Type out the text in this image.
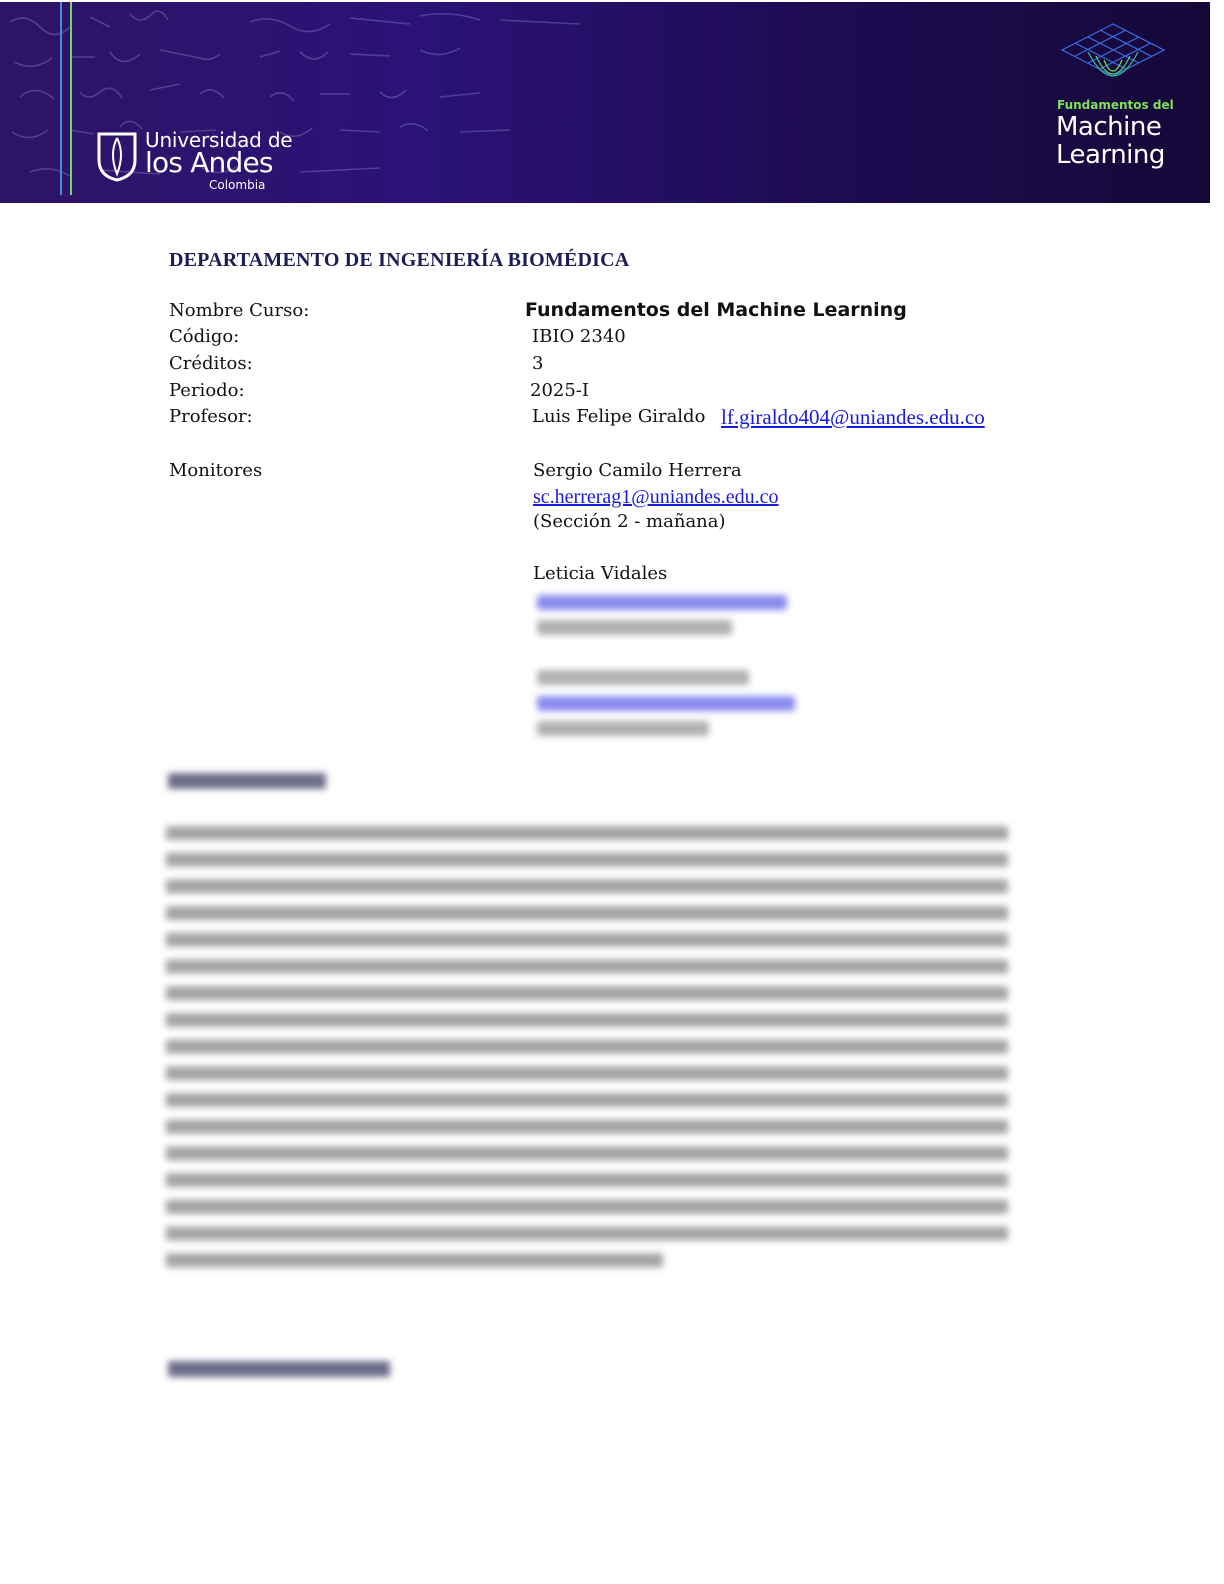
Universidad de
los Andes
Colombia
Fundamentos del
Machine
Learning
DEPARTAMENTO DE INGENIERÍA BIOMÉDICA
Nombre Curso:	Fundamentos del Machine Learning
Código:	IBIO 2340
Créditos:	3
Periodo:	2025-I
Profesor:	Luis Felipe Giraldo lf.giraldo404@uniandes.edu.co
Monitores	Sergio Camilo Herrera
sc.herrerag1@uniandes.edu.co
(Sección 2 - mañana)
Leticia Vidales
